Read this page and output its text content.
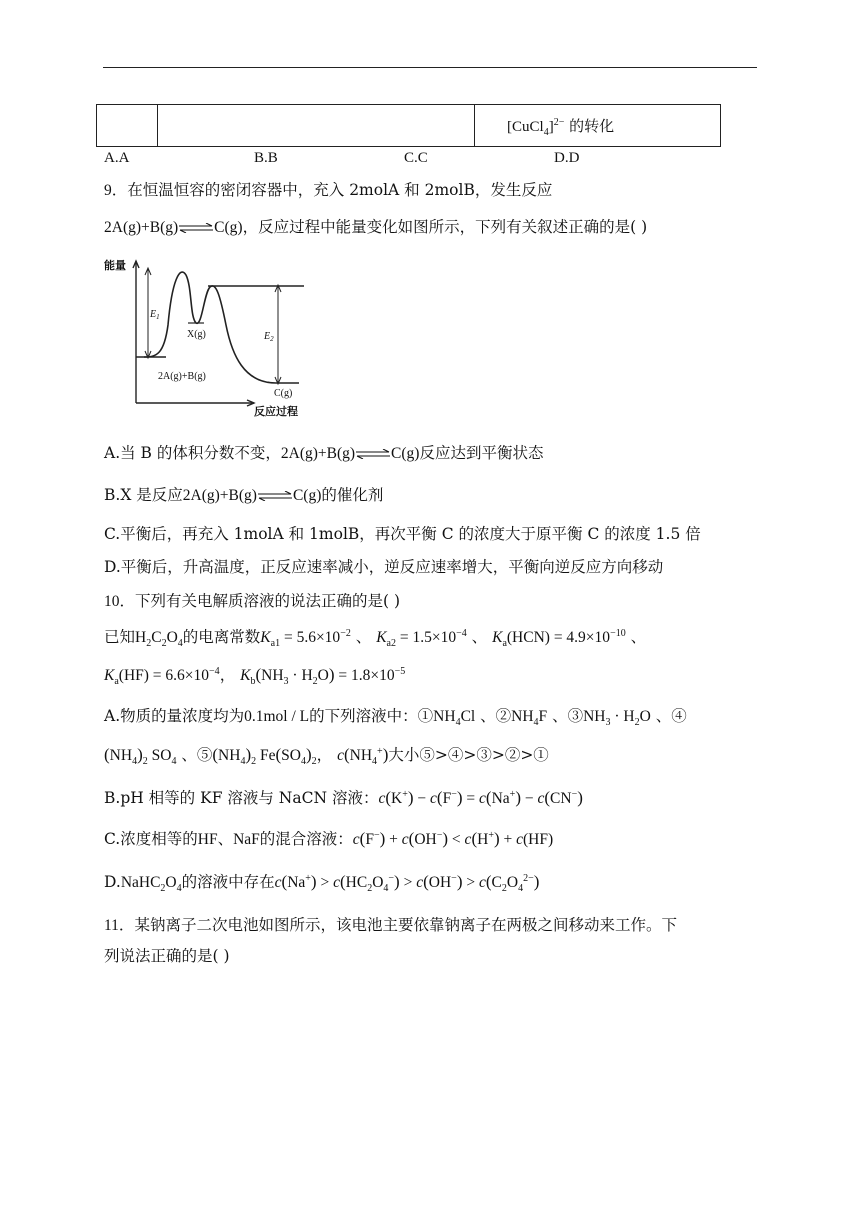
		[CuCl$_4$]$^{2-}$ 的转化
A.A	B.B	C.C	D.D
9．在恒温恒容的密闭容器中，充入 2molA 和 2molB，发生反应
2A(g)+B(g)⇌C(g)，反应过程中能量变化如图所示，下列有关叙述正确的是( )
能量
反应过程
$E_1$
$E_2$
X(g)
2A(g)+B(g)
C(g)
A.当 B 的体积分数不变，2A(g)+B(g)⇌C(g)反应达到平衡状态
B.X 是反应2A(g)+B(g)⇌C(g)的催化剂
C.平衡后，再充入 1molA 和 1molB，再次平衡 C 的浓度大于原平衡 C 的浓度 1.5 倍
D.平衡后，升高温度，正反应速率减小，逆反应速率增大，平衡向逆反应方向移动
10．下列有关电解质溶液的说法正确的是( )
已知$H_2C_2O_4$的电离常数$K_{a1} = 5.6\times 10^{-2}$ 、 $K_{a2} = 1.5\times 10^{-4}$ 、 $K_a(HCN) = 4.9\times 10^{-10}$ 、
$K_a(HF) = 6.6\times 10^{-4}$， $K_b(NH_3 \cdot H_2O) = 1.8\times 10^{-5}$
A.物质的量浓度均为0.1mol / L的下列溶液中：$①NH_4Cl$ 、$②NH_4F$ 、$③NH_3 \cdot H_2O$ 、④
$(NH_4)_2$ $SO_4$ 、$⑤(NH_4)_2$ $Fe(SO_4)_2$， $c(NH_4^+)$大小⑤>④>③>②>①
B.pH 相等的 KF 溶液与 NaCN 溶液：c(K+) − c(F−) = c(Na+) − c(CN−)
C.浓度相等的HF、NaF的混合溶液：c(F−) + c(OH−) < c(H+) + c(HF)
$D.NaHC_2O_4$的溶液中存在$c(Na^+) > c(HC_2O_4^-) > c(OH^-) > c(C_2O_4^{2-})$
11．某钠离子二次电池如图所示，该电池主要依靠钠离子在两极之间移动来工作。下
列说法正确的是( )
